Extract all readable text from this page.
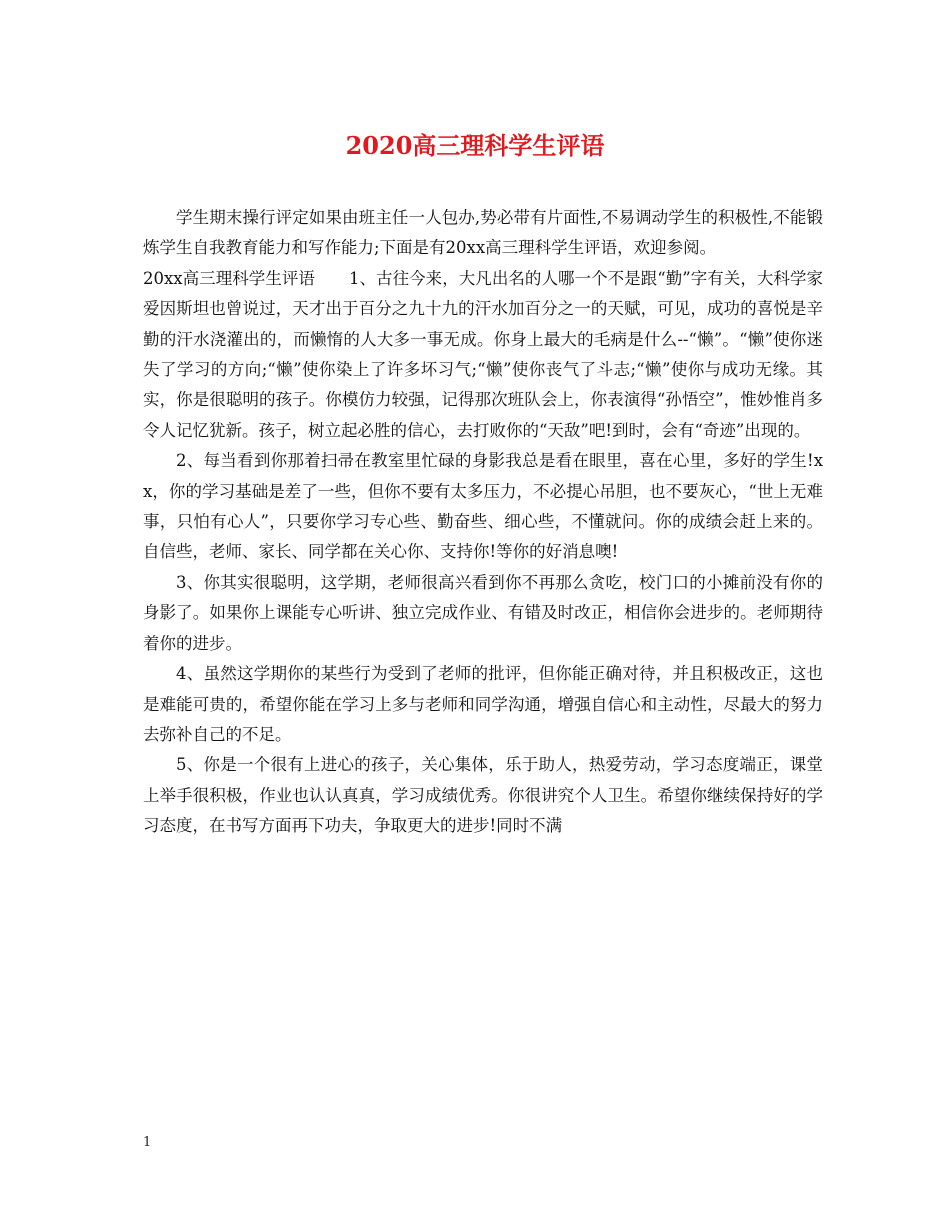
2020高三理科学生评语

学生期末操行评定如果由班主任一人包办,势必带有片面性,不易调动学生的积极性,不能锻炼学生自我教育能力和写作能力;下面是有20xx高三理科学生评语，欢迎参阅。

20xx高三理科学生评语 1、古往今来，大凡出名的人哪一个不是跟“勤”字有关，大科学家爱因斯坦也曾说过，天才出于百分之九十九的汗水加百分之一的天赋，可见，成功的喜悦是辛勤的汗水浇灌出的，而懒惰的人大多一事无成。你身上最大的毛病是什么--“懒”。“懒”使你迷失了学习的方向;“懒”使你染上了许多坏习气;“懒”使你丧气了斗志;“懒”使你与成功无缘。其实，你是很聪明的孩子。你模仿力较强，记得那次班队会上，你表演得“孙悟空”，惟妙惟肖多令人记忆犹新。孩子，树立起必胜的信心，去打败你的“天敌”吧!到时，会有“奇迹”出现的。

2、每当看到你那着扫帚在教室里忙碌的身影我总是看在眼里，喜在心里，多好的学生!xx，你的学习基础是差了一些，但你不要有太多压力，不必提心吊胆，也不要灰心，“世上无难事，只怕有心人”，只要你学习专心些、勤奋些、细心些，不懂就问。你的成绩会赶上来的。自信些，老师、家长、同学都在关心你、支持你!等你的好消息噢!

3、你其实很聪明，这学期，老师很高兴看到你不再那么贪吃，校门口的小摊前没有你的身影了。如果你上课能专心听讲、独立完成作业、有错及时改正，相信你会进步的。老师期待着你的进步。

4、虽然这学期你的某些行为受到了老师的批评，但你能正确对待，并且积极改正，这也是难能可贵的，希望你能在学习上多与老师和同学沟通，增强自信心和主动性，尽最大的努力去弥补自己的不足。

5、你是一个很有上进心的孩子，关心集体，乐于助人，热爱劳动，学习态度端正，课堂上举手很积极，作业也认认真真，学习成绩优秀。你很讲究个人卫生。希望你继续保持好的学习态度，在书写方面再下功夫，争取更大的进步!同时不满

1
